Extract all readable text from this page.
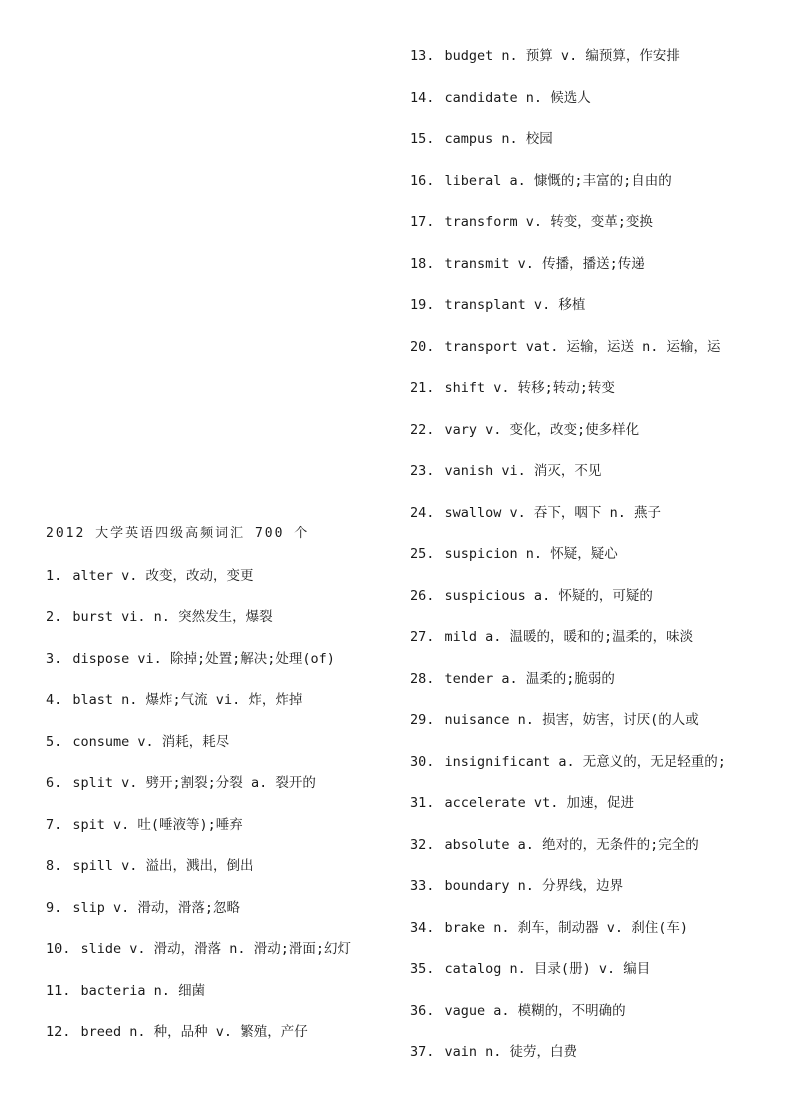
2012 大学英语四级高频词汇 700 个
1. alter v. 改变，改动，变更
2. burst vi. n. 突然发生，爆裂
3. dispose vi. 除掉;处置;解决;处理(of)
4. blast n. 爆炸;气流 vi. 炸，炸掉
5. consume v. 消耗，耗尽
6. split v. 劈开;割裂;分裂 a. 裂开的
7. spit v. 吐(唾液等);唾弃
8. spill v. 溢出，溅出，倒出
9. slip v. 滑动，滑落;忽略
10. slide v. 滑动，滑落 n. 滑动;滑面;幻灯
11. bacteria n. 细菌
12. breed n. 种，品种 v. 繁殖，产仔
13. budget n. 预算 v. 编预算，作安排
14. candidate n. 候选人
15. campus n. 校园
16. liberal a. 慷慨的;丰富的;自由的
17. transform v. 转变，变革;变换
18. transmit v. 传播，播送;传递
19. transplant v. 移植
20. transport vat. 运输，运送 n. 运输，运
21. shift v. 转移;转动;转变
22. vary v. 变化，改变;使多样化
23. vanish vi. 消灭，不见
24. swallow v. 吞下，咽下 n. 燕子
25. suspicion n. 怀疑，疑心
26. suspicious a. 怀疑的，可疑的
27. mild a. 温暖的，暖和的;温柔的，味淡
28. tender a. 温柔的;脆弱的
29. nuisance n. 损害，妨害，讨厌(的人或
30. insignificant a. 无意义的，无足轻重的;
31. accelerate vt. 加速，促进
32. absolute a. 绝对的，无条件的;完全的
33. boundary n. 分界线，边界
34. brake n. 刹车，制动器 v. 刹住(车)
35. catalog n. 目录(册) v. 编目
36. vague a. 模糊的，不明确的
37. vain n. 徒劳，白费
